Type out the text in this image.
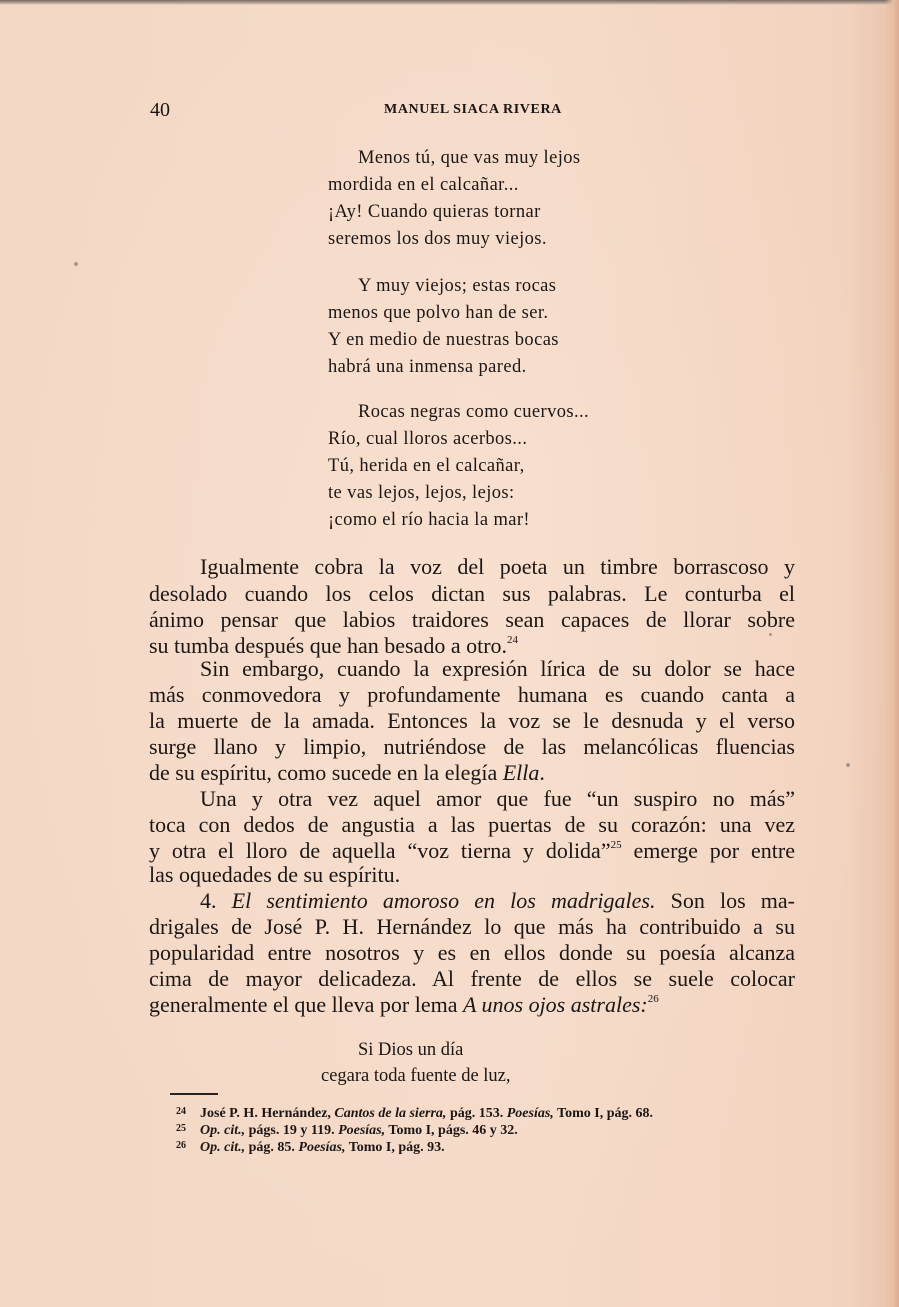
40	MANUEL SIACA RIVERA
Menos tú, que vas muy lejos
mordida en el calcañar...
¡Ay! Cuando quieras tornar
seremos los dos muy viejos.
Y muy viejos; estas rocas
menos que polvo han de ser.
Y en medio de nuestras bocas
habrá una inmensa pared.
Rocas negras como cuervos...
Río, cual lloros acerbos...
Tú, herida en el calcañar,
te vas lejos, lejos, lejos:
¡como el río hacia la mar!
Igualmente cobra la voz del poeta un timbre borrascoso y
desolado cuando los celos dictan sus palabras. Le conturba el
ánimo pensar que labios traidores sean capaces de llorar sobre
su tumba después que han besado a otro.$^{24}$
Sin embargo, cuando la expresión lírica de su dolor se hace
más conmovedora y profundamente humana es cuando canta a
la muerte de la amada. Entonces la voz se le desnuda y el verso
surge llano y limpio, nutriéndose de las melancólicas fluencias
de su espíritu, como sucede en la elegía Ella.
Una y otra vez aquel amor que fue “un suspiro no más”
toca con dedos de angustia a las puertas de su corazón: una vez
y otra el lloro de aquella “voz tierna y dolida”$^{25}$ emerge por entre
las oquedades de su espíritu.
4. El sentimiento amoroso en los madrigales. Son los ma-
drigales de José P. H. Hernández lo que más ha contribuido a su
popularidad entre nosotros y es en ellos donde su poesía alcanza
cima de mayor delicadeza. Al frente de ellos se suele colocar
generalmente el que lleva por lema A unos ojos astrales:$^{26}$
Si Dios un día
cegara toda fuente de luz,
24 José P. H. Hernández, Cantos de la sierra, pág. 153. Poesías, Tomo I, pág. 68.
25 Op. cit., págs. 19 y 119. Poesías, Tomo I, págs. 46 y 32.
26 Op. cit., pág. 85. Poesías, Tomo I, pág. 93.
